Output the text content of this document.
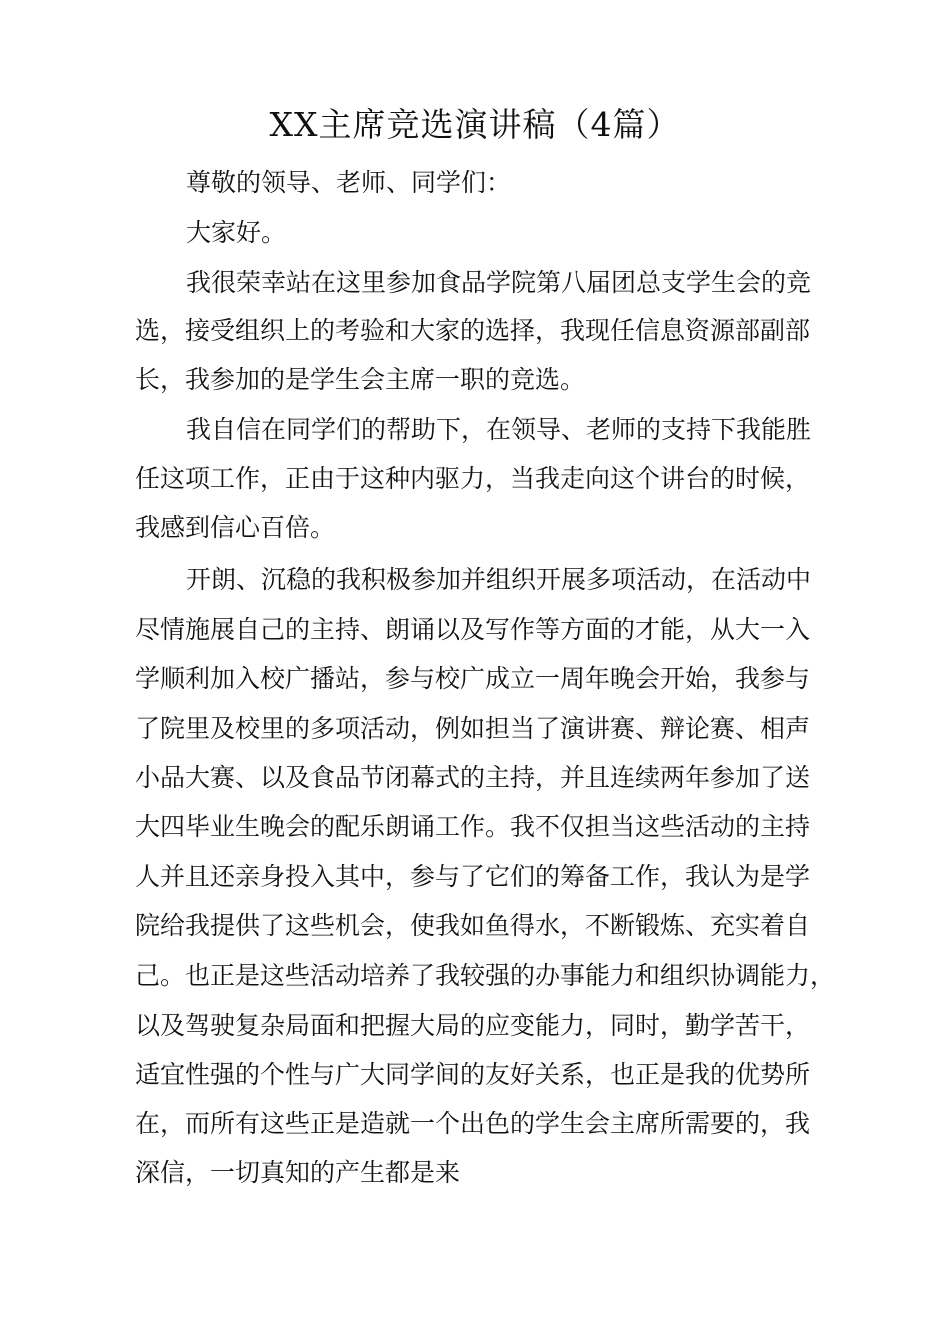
XX主席竞选演讲稿（4篇）
尊敬的领导、老师、同学们：
大家好。
我很荣幸站在这里参加食品学院第八届团总支学生会的竞
选，接受组织上的考验和大家的选择，我现任信息资源部副部
长，我参加的是学生会主席一职的竞选。
我自信在同学们的帮助下，在领导、老师的支持下我能胜
任这项工作，正由于这种内驱力，当我走向这个讲台的时候，
我感到信心百倍。
开朗、沉稳的我积极参加并组织开展多项活动，在活动中
尽情施展自己的主持、朗诵以及写作等方面的才能，从大一入
学顺利加入校广播站，参与校广成立一周年晚会开始，我参与
了院里及校里的多项活动，例如担当了演讲赛、辩论赛、相声
小品大赛、以及食品节闭幕式的主持，并且连续两年参加了送
大四毕业生晚会的配乐朗诵工作。我不仅担当这些活动的主持
人并且还亲身投入其中，参与了它们的筹备工作，我认为是学
院给我提供了这些机会，使我如鱼得水，不断锻炼、充实着自
己。也正是这些活动培养了我较强的办事能力和组织协调能力，
以及驾驶复杂局面和把握大局的应变能力，同时，勤学苦干，
适宜性强的个性与广大同学间的友好关系，也正是我的优势所
在，而所有这些正是造就一个出色的学生会主席所需要的，我
深信，一切真知的产生都是来
